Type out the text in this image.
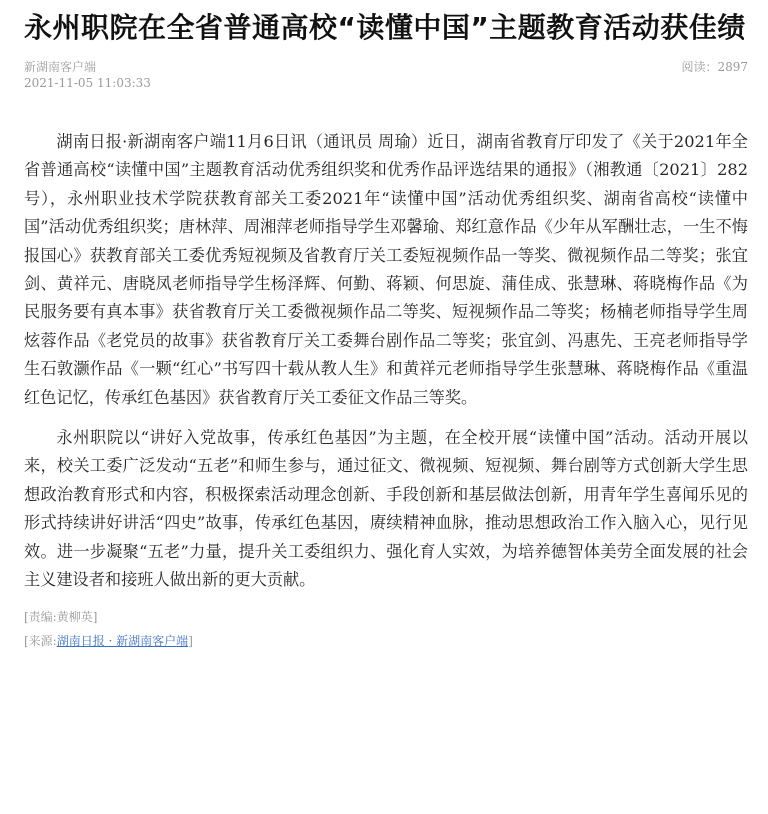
永州职院在全省普通高校“读懂中国”主题教育活动获佳绩
新湖南客户端	阅读：2897
2021-11-05 11:03:33

湖南日报·新湖南客户端11月6日讯（通讯员 周瑜）近日，湖南省教育厅印发了《关于2021年全省普通高校“读懂中国”主题教育活动优秀组织奖和优秀作品评选结果的通报》（湘教通〔2021〕282号），永州职业技术学院获教育部关工委2021年“读懂中国”活动优秀组织奖、湖南省高校“读懂中国”活动优秀组织奖；唐林萍、周湘萍老师指导学生邓馨瑜、郑红意作品《少年从军酬壮志，一生不悔报国心》获教育部关工委优秀短视频及省教育厅关工委短视频作品一等奖、微视频作品二等奖；张宜剑、黄祥元、唐晓凤老师指导学生杨泽辉、何勤、蒋颖、何思旋、蒲佳成、张慧琳、蒋晓梅作品《为民服务要有真本事》获省教育厅关工委微视频作品二等奖、短视频作品二等奖；杨楠老师指导学生周炫蓉作品《老党员的故事》获省教育厅关工委舞台剧作品二等奖；张宜剑、冯惠先、王亮老师指导学生石敦灏作品《一颗“红心”书写四十载从教人生》和黄祥元老师指导学生张慧琳、蒋晓梅作品《重温红色记忆，传承红色基因》获省教育厅关工委征文作品三等奖。

永州职院以“讲好入党故事，传承红色基因”为主题，在全校开展“读懂中国”活动。活动开展以来，校关工委广泛发动“五老”和师生参与，通过征文、微视频、短视频、舞台剧等方式创新大学生思想政治教育形式和内容，积极探索活动理念创新、手段创新和基层做法创新，用青年学生喜闻乐见的形式持续讲好讲活“四史”故事，传承红色基因，赓续精神血脉，推动思想政治工作入脑入心，见行见效。进一步凝聚“五老”力量，提升关工委组织力、强化育人实效，为培养德智体美劳全面发展的社会主义建设者和接班人做出新的更大贡献。

[责编:黄柳英]
[来源:湖南日报 · 新湖南客户端]
